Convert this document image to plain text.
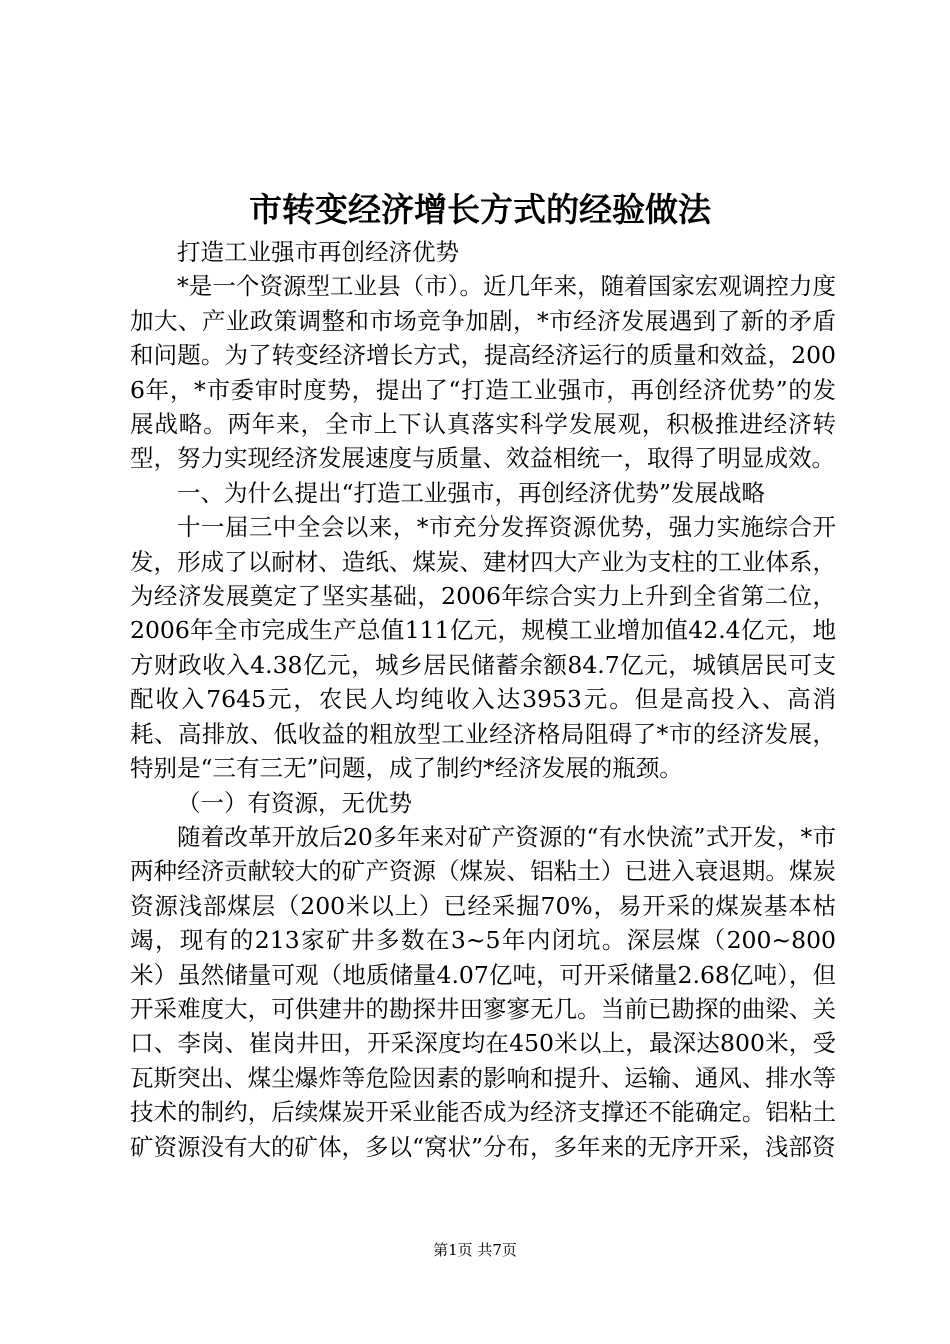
市转变经济增长方式的经验做法

打造工业强市再创经济优势

*是一个资源型工业县（市）。近几年来，随着国家宏观调控力度加大、产业政策调整和市场竞争加剧，*市经济发展遇到了新的矛盾和问题。为了转变经济增长方式，提高经济运行的质量和效益，2006年，*市委审时度势，提出了“打造工业强市，再创经济优势”的发展战略。两年来，全市上下认真落实科学发展观，积极推进经济转型，努力实现经济发展速度与质量、效益相统一，取得了明显成效。

一、为什么提出“打造工业强市，再创经济优势”发展战略

十一届三中全会以来，*市充分发挥资源优势，强力实施综合开发，形成了以耐材、造纸、煤炭、建材四大产业为支柱的工业体系，为经济发展奠定了坚实基础，2006年综合实力上升到全省第二位，2006年全市完成生产总值111亿元，规模工业增加值42.4亿元，地方财政收入4.38亿元，城乡居民储蓄余额84.7亿元，城镇居民可支配收入7645元，农民人均纯收入达3953元。但是高投入、高消耗、高排放、低收益的粗放型工业经济格局阻碍了*市的经济发展，特别是“三有三无”问题，成了制约*经济发展的瓶颈。

（一）有资源，无优势

随着改革开放后20多年来对矿产资源的“有水快流”式开发，*市两种经济贡献较大的矿产资源（煤炭、铝粘土）已进入衰退期。煤炭资源浅部煤层（200米以上）已经采掘70%，易开采的煤炭基本枯竭，现有的213家矿井多数在3~5年内闭坑。深层煤（200~800米）虽然储量可观（地质储量4.07亿吨，可开采储量2.68亿吨），但开采难度大，可供建井的勘探井田寥寥无几。当前已勘探的曲梁、关口、李岗、崔岗井田，开采深度均在450米以上，最深达800米，受瓦斯突出、煤尘爆炸等危险因素的影响和提升、运输、通风、排水等技术的制约，后续煤炭开采业能否成为经济支撑还不能确定。铝粘土矿资源没有大的矿体，多以“窝状”分布，多年来的无序开采，浅部资

第1页 共7页
